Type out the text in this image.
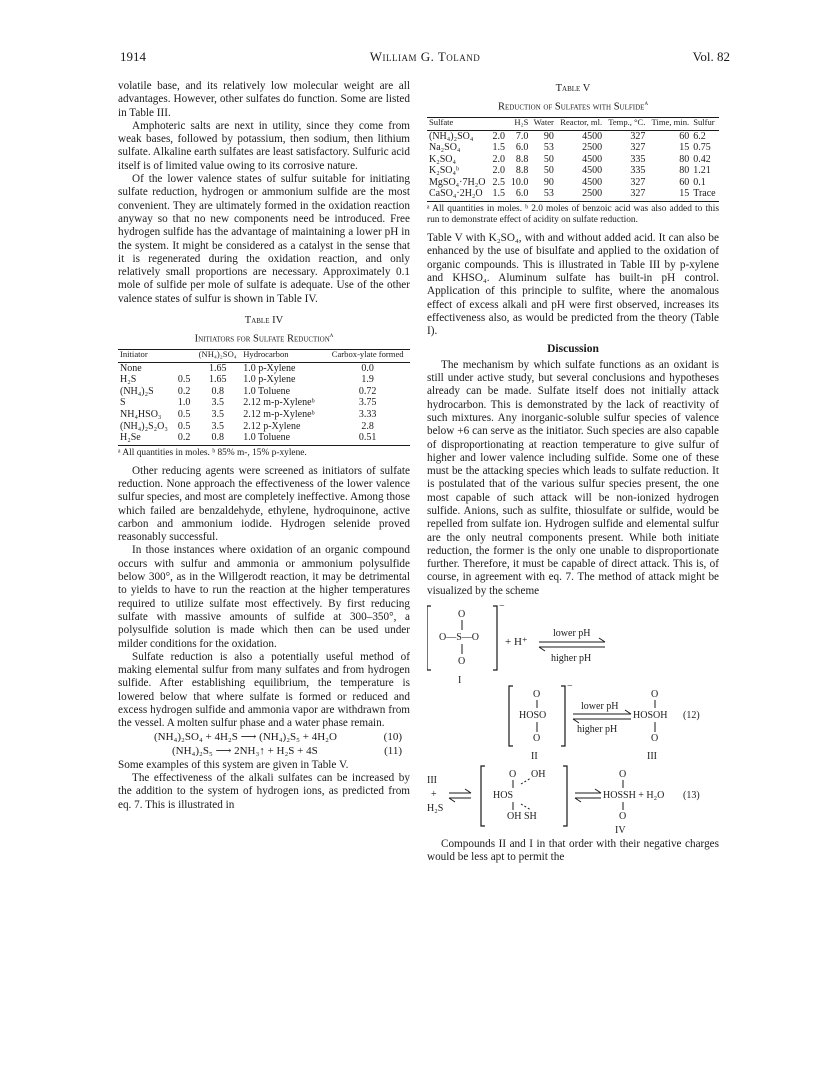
1914	William G. Toland	Vol. 82

volatile base, and its relatively low molecular weight are all advantages. However, other sulfates do function. Some are listed in Table III.

Amphoteric salts are next in utility, since they come from weak bases, followed by potassium, then sodium, then lithium sulfate. Alkaline earth sulfates are least satisfactory. Sulfuric acid itself is of limited value owing to its corrosive nature.

Of the lower valence states of sulfur suitable for initiating sulfate reduction, hydrogen or ammonium sulfide are the most convenient. They are ultimately formed in the oxidation reaction anyway so that no new components need be introduced. Free hydrogen sulfide has the advantage of maintaining a lower pH in the system. It might be considered as a catalyst in the sense that it is regenerated during the oxidation reaction, and only relatively small proportions are necessary. Approximately 0.1 mole of sulfide per mole of sulfate is adequate. Use of the other valence states of sulfur is shown in Table IV.

Table IV
Initiators for Sulfate Reduction$^a$
Initiator		(NH₄)₂SO₄	Hydrocarbon	Carbox-ylate formed
None		1.65	1.0 p-Xylene	0.0
H₂S	0.5	1.65	1.0 p-Xylene	1.9
(NH₄)₂S	0.2	0.8	1.0 Toluene	0.72
S	1.0	3.5	2.12 m-p-Xyleneᵇ	3.75
NH₄HSO₃	0.5	3.5	2.12 m-p-Xyleneᵇ	3.33
(NH₄)₂S₂O₃	0.5	3.5	2.12 p-Xylene	2.8
H₂Se	0.2	0.8	1.0 Toluene	0.51
ᵃ All quantities in moles. ᵇ 85% m-, 15% p-xylene.

Other reducing agents were screened as initiators of sulfate reduction. None approach the effectiveness of the lower valence sulfur species, and most are completely ineffective. Among those which failed are benzaldehyde, ethylene, hydroquinone, active carbon and ammonium iodide. Hydrogen selenide proved reasonably successful.

In those instances where oxidation of an organic compound occurs with sulfur and ammonia or ammonium polysulfide below 300°, as in the Willgerodt reaction, it may be detrimental to yields to have to run the reaction at the higher temperatures required to utilize sulfate most effectively. By first reducing sulfate with massive amounts of sulfide at 300–350°, a polysulfide solution is made which then can be used under milder conditions for the oxidation.

Sulfate reduction is also a potentially useful method of making elemental sulfur from many sulfates and from hydrogen sulfide. After establishing equilibrium, the temperature is lowered below that where sulfate is formed or reduced and excess hydrogen sulfide and ammonia vapor are withdrawn from the vessel. A molten sulfur phase and a water phase remain.

(NH₄)₂SO₄ + 4H₂S ⟶ (NH₄)₂S₅ + 4H₂O	(10)
(NH₄)₂S₅ ⟶ 2NH₃↑ + H₂S + 4S	(11)

Some examples of this system are given in Table V.

The effectiveness of the alkali sulfates can be increased by the addition to the system of hydrogen ions, as predicted from eq. 7. This is illustrated in

Table V
Reduction of Sulfates with Sulfide$^a$
Sulfate		H₂S	Water	Reactor, ml.	Temp., °C.	Time, min.	Sulfur
(NH₄)₂SO₄	2.0	7.0	90	4500	327	60	6.2
Na₂SO₄	1.5	6.0	53	2500	327	15	0.75
K₂SO₄	2.0	8.8	50	4500	335	80	0.42
K₂SO₄ᵇ	2.0	8.8	50	4500	335	80	1.21
MgSO₄·7H₂O	2.5	10.0	90	4500	327	60	0.1
CaSO₄·2H₂O	1.5	6.0	53	2500	327	15	Trace
ᵃ All quantities in moles. ᵇ 2.0 moles of benzoic acid was also added to this run to demonstrate effect of acidity on sulfate reduction.

Table V with K₂SO₄, with and without added acid. It can also be enhanced by the use of bisulfate and applied to the oxidation of organic compounds. This is illustrated in Table III by p-xylene and KHSO₄. Aluminum sulfate has built-in pH control. Application of this principle to sulfite, where the anomalous effect of excess alkali and pH were first observed, increases its effectiveness also, as would be predicted from the theory (Table I).

Discussion

The mechanism by which sulfate functions as an oxidant is still under active study, but several conclusions and hypotheses already can be made. Sulfate itself does not initially attack hydrocarbon. This is demonstrated by the lack of reactivity of such mixtures. Any inorganic-soluble sulfur species of valence below +6 can serve as the initiator. Such species are also capable of disproportionating at reaction temperature to give sulfur of higher and lower valence including sulfide. Some one of these must be the attacking species which leads to sulfate reduction. It is postulated that of the various sulfur species present, the one most capable of such attack will be non-ionized hydrogen sulfide. Anions, such as sulfite, thiosulfate or sulfide, would be repelled from sulfate ion. Hydrogen sulfide and elemental sulfur are the only neutral components present. While both initiate reduction, the former is the only one unable to disproportionate further. Therefore, it must be capable of direct attack. This is, of course, in agreement with eq. 7. The method of attack might be visualized by the scheme

O
−
O—S—O
O
I
+ H⁺
lower pH
higher pH
O
−
HOSO
O
II
lower pH
higher pH
O
HOSOH (12)
O
III
III
+
H₂S
O OH
HOS
OH SH
O
HOSSH + H₂O (13)
O
IV

Compounds II and I in that order with their negative charges would be less apt to permit the
